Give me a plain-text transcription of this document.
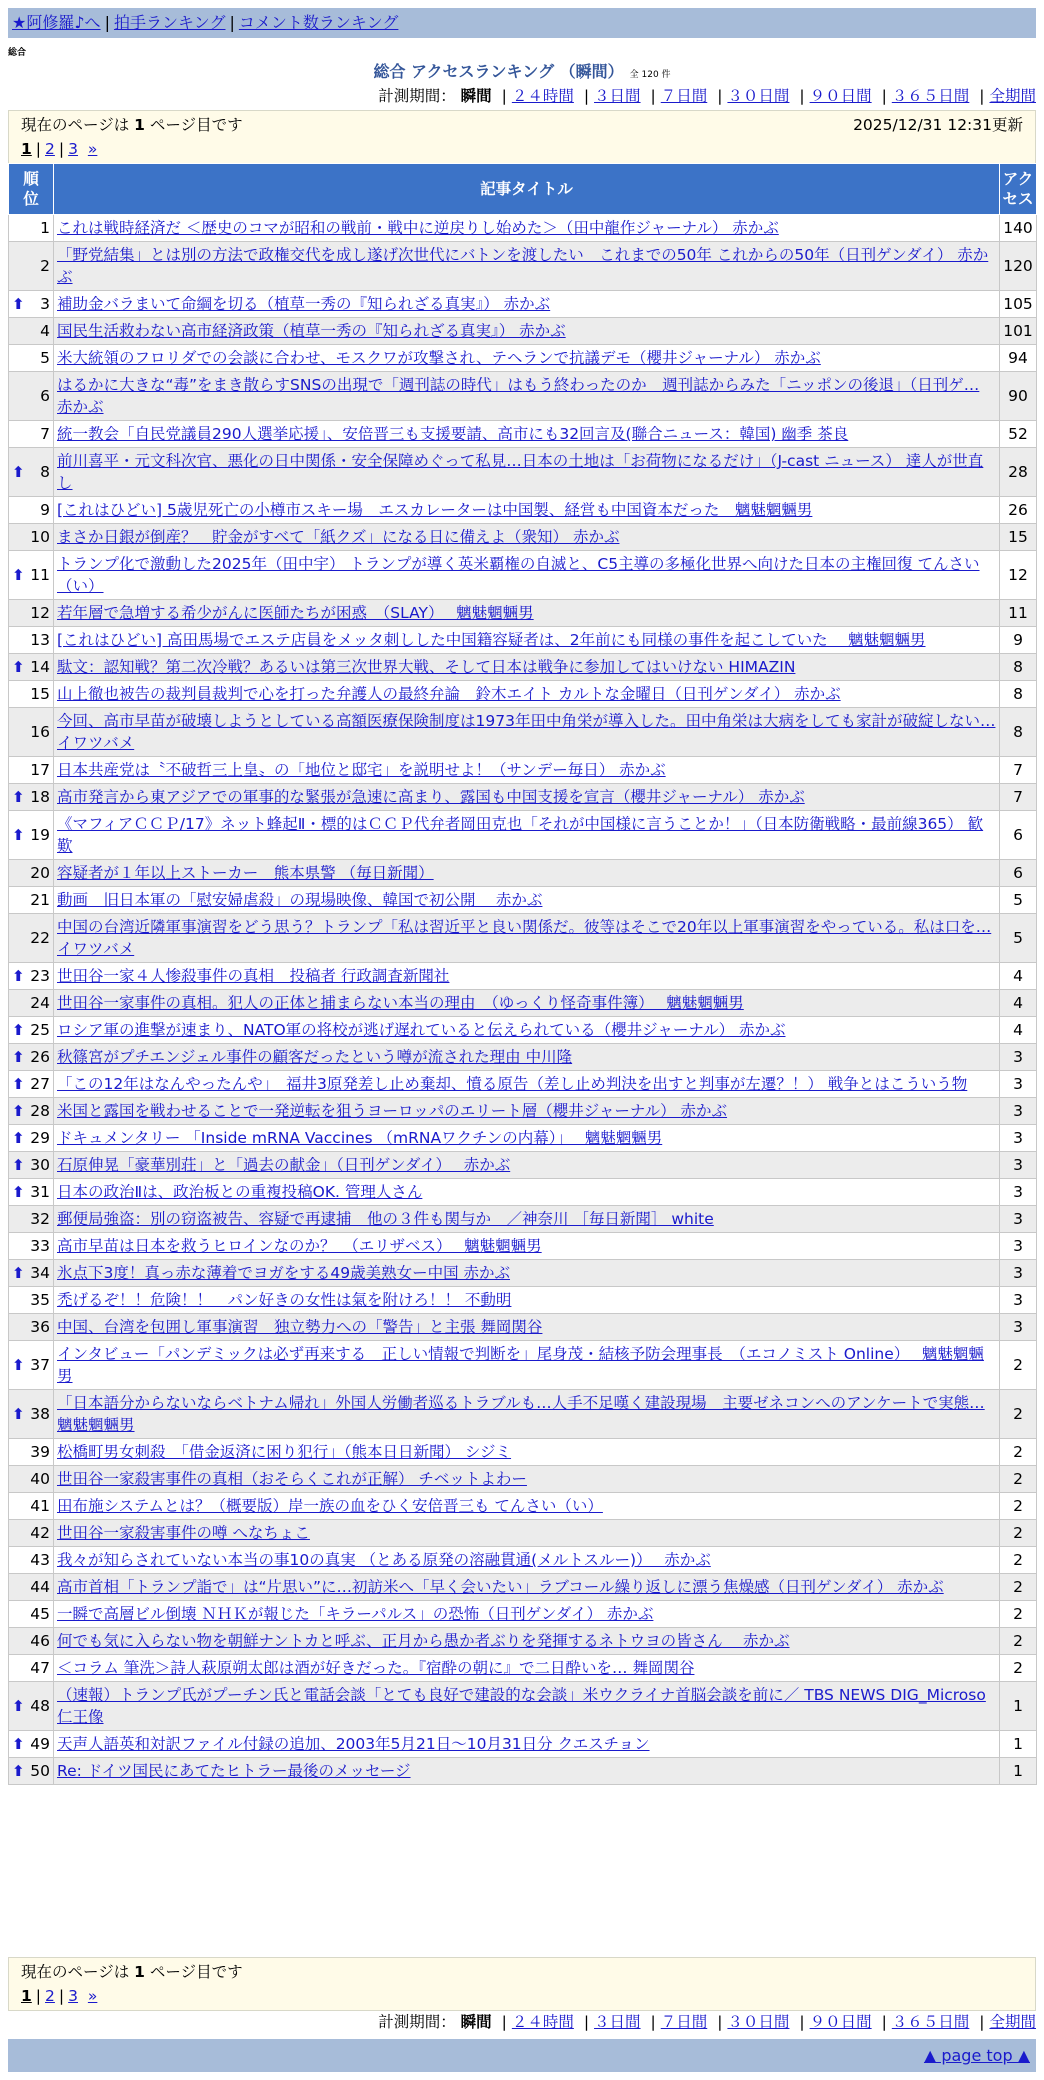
★阿修羅♪へ | 拍手ランキング | コメント数ランキング
総合
総合 アクセスランキング （瞬間） 全 120 件
計測期間： 瞬間 | ２４時間 | ３日間 | ７日間 | ３０日間 | ９０日間 | ３６５日間 | 全期間
現在のページは 1 ページ目です	2025/12/31 12:31更新
1 | 2 | 3 »
順位	記事タイトル	アクセス
1	これは戦時経済だ ＜歴史のコマが昭和の戦前・戦中に逆戻りし始めた＞（田中龍作ジャーナル） 赤かぶ	140
2	「野党結集」とは別の方法で政権交代を成し遂げ次世代にバトンを渡したい　これまでの50年 これからの50年（日刊ゲンダイ） 赤かぶ	120

⬆ 3	補助金バラまいて命綱を切る（植草一秀の『知られざる真実』） 赤かぶ	105
4	国民生活救わない高市経済政策（植草一秀の『知られざる真実』） 赤かぶ	101
5	米大統領のフロリダでの会談に合わせ、モスクワが攻撃され、テヘランで抗議デモ（櫻井ジャーナル） 赤かぶ	94
6	はるかに大きな“毒”をまき散らすSNSの出現で「週刊誌の時代」はもう終わったのか　週刊誌からみた「ニッポンの後退」（日刊ゲ… 赤かぶ	90
7	統一教会「自民党議員290人選挙応援」、安倍晋三も支援要請、高市にも32回言及(聯合ニュース：韓国) 幽季 茶良	52

⬆ 8	前川喜平・元文科次官、悪化の日中関係・安全保障めぐって私見…日本の土地は「お荷物になるだけ」（J-cast ニュース） 達人が世直し	28
9	[これはひどい] 5歳児死亡の小樽市スキー場　エスカレーターは中国製、経営も中国資本だった　魑魅魍魎男	26
10	まさか日銀が倒産？　貯金がすべて「紙クズ」になる日に備えよ（衆知） 赤かぶ	15

⬆ 11	トランプ化で激動した2025年（田中宇） トランプが導く英米覇権の自滅と、C5主導の多極化世界へ向けた日本の主権回復 てんさい（い）	12
12	若年層で急増する希少がんに医師たちが困惑　（SLAY）　 魑魅魍魎男	11
13	[これはひどい] 高田馬場でエステ店員をメッタ刺しした中国籍容疑者は、2年前にも同様の事件を起こしていた　 魑魅魍魎男	9

⬆ 14	駄文：認知戦？第二次冷戦？あるいは第三次世界大戦、そして日本は戦争に参加してはいけない HIMAZIN	8
15	山上徹也被告の裁判員裁判で心を打った弁護人の最終弁論　鈴木エイト カルトな金曜日（日刊ゲンダイ） 赤かぶ	8
16	今回、高市早苗が破壊しようとしている高額医療保険制度は1973年田中角栄が導入した。田中角栄は大病をしても家計が破綻しない… イワツバメ	8
17	日本共産党は〝不破哲三上皇〟の「地位と邸宅」を説明せよ！（サンデー毎日） 赤かぶ	7

⬆ 18	高市発言から東アジアでの軍事的な緊張が急速に高まり、露国も中国支援を宣言（櫻井ジャーナル） 赤かぶ	7

⬆ 19	《マフィアＣＣＰ/17》ネット蜂起Ⅱ・標的はＣＣＰ代弁者岡田克也「それが中国様に言うことか！」（日本防衛戦略・最前線365） 歓歎	6
20	容疑者が１年以上ストーカー　熊本県警 （毎日新聞）	6
21	動画　旧日本軍の「慰安婦虐殺」の現場映像、韓国で初公開　 赤かぶ	5
22	中国の台湾近隣軍事演習をどう思う？トランプ「私は習近平と良い関係だ。彼等はそこで20年以上軍事演習をやっている。私は口を… イワツバメ	5

⬆ 23	世田谷一家４人惨殺事件の真相　投稿者 行政調査新聞社	4
24	世田谷一家事件の真相。犯人の正体と捕まらない本当の理由　（ゆっくり怪奇事件簿）　 魑魅魍魎男	4

⬆ 25	ロシア軍の進撃が速まり、NATO軍の将校が逃げ遅れていると伝えられている（櫻井ジャーナル） 赤かぶ	4

⬆ 26	秋篠宮がプチエンジェル事件の顧客だったという噂が流された理由 中川隆	3

⬆ 27	「この12年はなんやったんや」　福井3原発差し止め棄却、憤る原告（差し止め判決を出すと判事が左遷？！） 戦争とはこういう物	3

⬆ 28	米国と露国を戦わせることで一発逆転を狙うヨーロッパのエリート層（櫻井ジャーナル） 赤かぶ	3

⬆ 29	ドキュメンタリー 「Inside mRNA Vaccines （mRNAワクチンの内幕）」　 魑魅魍魎男	3

⬆ 30	石原伸晃「豪華別荘」と「過去の献金」（日刊ゲンダイ）　 赤かぶ	3

⬆ 31	日本の政治Ⅱは、政治板との重複投稿OK. 管理人さん	3
32	郵便局強盗：別の窃盗被告、容疑で再逮捕　他の３件も関与か　／神奈川 ［毎日新聞］ white	3
33	高市早苗は日本を救うヒロインなのか？　（エリザベス）　 魑魅魍魎男	3

⬆ 34	氷点下3度！真っ赤な薄着でヨガをする49歳美熟女ー中国 赤かぶ	3
35	禿げるぞ！！危険！！　パン好きの女性は氣を附けろ！！ 不動明	3
36	中国、台湾を包囲し軍事演習　独立勢力への「警告」と主張 舞岡関谷	3

⬆ 37	インタビュー「パンデミックは必ず再来する　正しい情報で判断を」尾身茂・結核予防会理事長　（エコノミスト Online）　 魑魅魍魎男	2

⬆ 38	「日本語分からないならベトナム帰れ」外国人労働者巡るトラブルも…人手不足嘆く建設現場　主要ゼネコンへのアンケートで実態… 魑魅魍魎男	2
39	松橋町男女刺殺　「借金返済に困り犯行」（熊本日日新聞） シジミ	2
40	世田谷一家殺害事件の真相（おそらくこれが正解） チベットよわー	2
41	田布施システムとは？（概要版）岸一族の血をひく安倍晋三も てんさい（い）	2
42	世田谷一家殺害事件の噂 へなちょこ	2
43	我々が知らされていない本当の事10の真実 （とある原発の溶融貫通(メルトスルー)）　 赤かぶ	2
44	高市首相「トランプ詣で」は“片思い”に…初訪米へ「早く会いたい」ラブコール繰り返しに漂う焦燥感（日刊ゲンダイ） 赤かぶ	2
45	一瞬で高層ビル倒壊 ＮＨＫが報じた「キラーパルス」の恐怖（日刊ゲンダイ） 赤かぶ	2
46	何でも気に入らない物を朝鮮ナントカと呼ぶ、正月から愚か者ぶりを発揮するネトウヨの皆さん　 赤かぶ	2
47	＜コラム 筆洗＞詩人萩原朔太郎は酒が好きだった。『宿酔の朝に』で二日酔いを… 舞岡関谷	2

⬆ 48	（速報）トランプ氏がプーチン氏と電話会談「とても良好で建設的な会談」米ウクライナ首脳会談を前に／ TBS NEWS DIG_Microso 仁王像	1

⬆ 49	天声人語英和対訳ファイル付録の追加、2003年5月21日〜10月31日分 クエスチョン	1

⬆ 50	Re: ドイツ国民にあてたヒトラー最後のメッセージ	1
現在のページは 1 ページ目です
1 | 2 | 3 »
計測期間： 瞬間 | ２４時間 | ３日間 | ７日間 | ３０日間 | ９０日間 | ３６５日間 | 全期間
▲ page top ▲
